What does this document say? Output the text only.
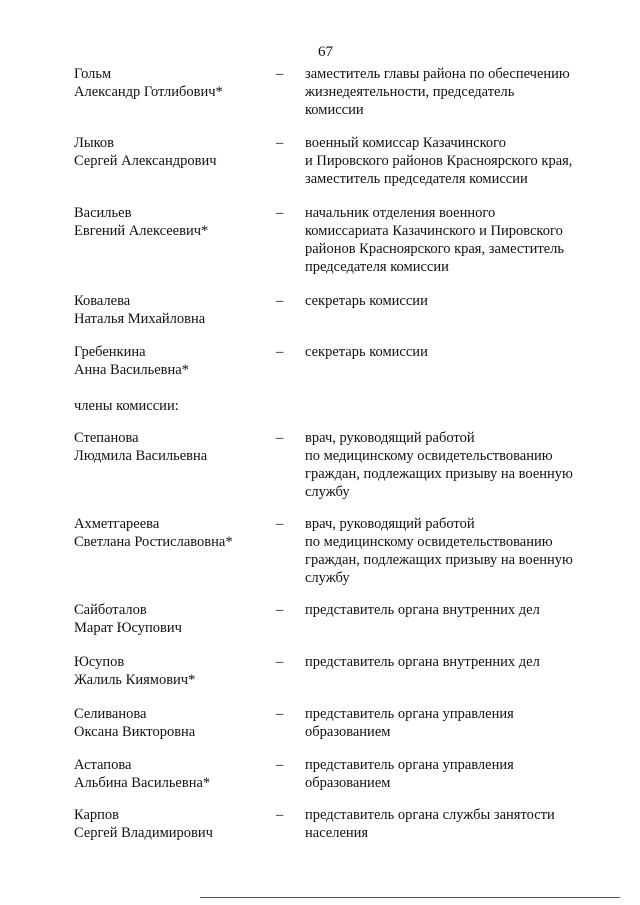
67
Гольм
Александр Готлибович*
– заместитель главы района по обеспечению
жизнедеятельности, председатель
комиссии
Лыков
Сергей Александрович
– военный комиссар Казачинского
и Пировского районов Красноярского края,
заместитель председателя комиссии
Васильев
Евгений Алексеевич*
– начальник отделения военного
комиссариата Казачинского и Пировского
районов Красноярского края, заместитель
председателя комиссии
Ковалева
Наталья Михайловна
– секретарь комиссии
Гребенкина
Анна Васильевна*
– секретарь комиссии
члены комиссии:
Степанова
Людмила Васильевна
– врач, руководящий работой
по медицинскому освидетельствованию
граждан, подлежащих призыву на военную
службу
Ахметгареева
Светлана Ростиславовна*
– врач, руководящий работой
по медицинскому освидетельствованию
граждан, подлежащих призыву на военную
службу
Сайботалов
Марат Юсупович
– представитель органа внутренних дел
Юсупов
Жалиль Киямович*
– представитель органа внутренних дел
Селиванова
Оксана Викторовна
– представитель органа управления
образованием
Астапова
Альбина Васильевна*
– представитель органа управления
образованием
Карпов
Сергей Владимирович
– представитель органа службы занятости
населения
